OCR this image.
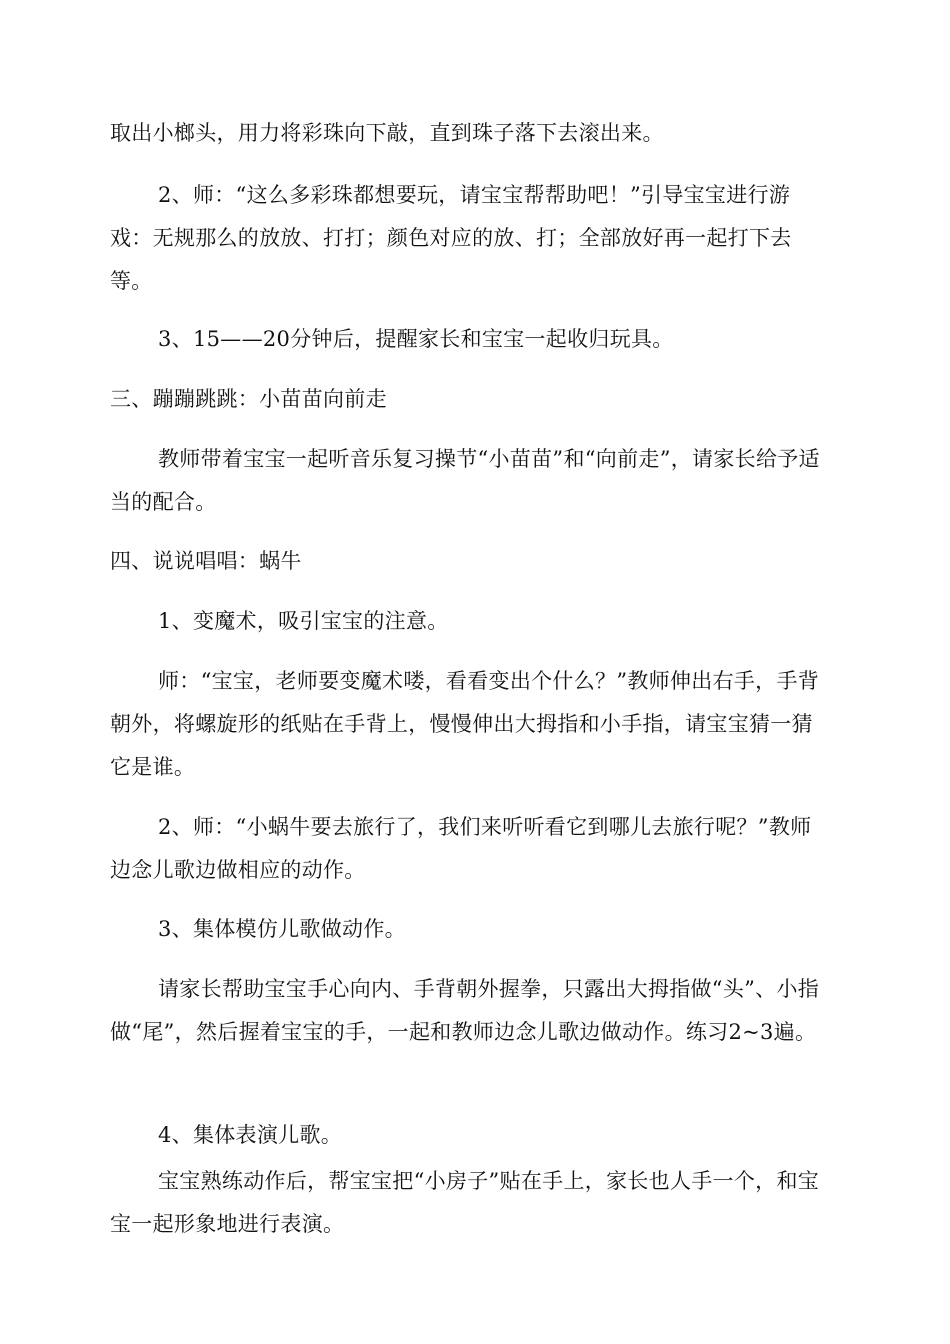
取出小榔头，用力将彩珠向下敲，直到珠子落下去滚出来。

2、师：“这么多彩珠都想要玩，请宝宝帮帮助吧！”引导宝宝进行游戏：无规那么的放放、打打；颜色对应的放、打；全部放好再一起打下去等。

3、15——20分钟后，提醒家长和宝宝一起收归玩具。

三、蹦蹦跳跳：小苗苗向前走

教师带着宝宝一起听音乐复习操节“小苗苗”和“向前走”，请家长给予适当的配合。

四、说说唱唱：蜗牛

1、变魔术，吸引宝宝的注意。

师：“宝宝，老师要变魔术喽，看看变出个什么？”教师伸出右手，手背朝外，将螺旋形的纸贴在手背上，慢慢伸出大拇指和小手指，请宝宝猜一猜它是谁。

2、师：“小蜗牛要去旅行了，我们来听听看它到哪儿去旅行呢？”教师边念儿歌边做相应的动作。

3、集体模仿儿歌做动作。

请家长帮助宝宝手心向内、手背朝外握拳，只露出大拇指做“头”、小指做“尾”，然后握着宝宝的手，一起和教师边念儿歌边做动作。练习2~3遍。

4、集体表演儿歌。

宝宝熟练动作后，帮宝宝把“小房子”贴在手上，家长也人手一个，和宝宝一起形象地进行表演。
